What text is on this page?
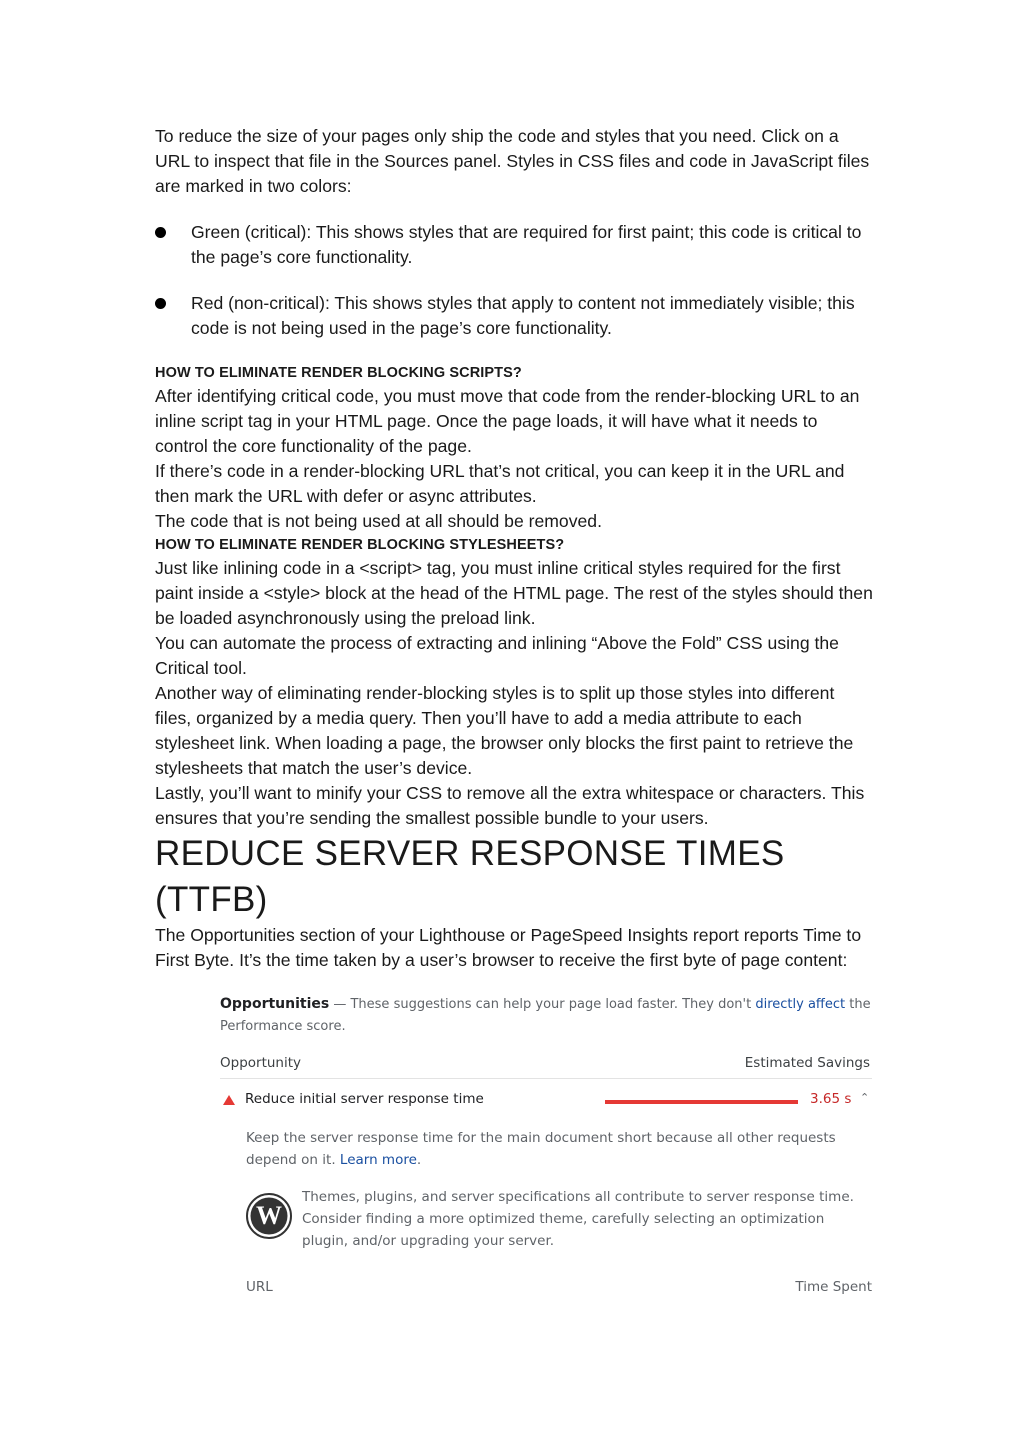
To reduce the size of your pages only ship the code and styles that you need. Click on a URL to inspect that file in the Sources panel. Styles in CSS files and code in JavaScript files are marked in two colors:

Green (critical): This shows styles that are required for first paint; this code is critical to the page’s core functionality.
Red (non-critical): This shows styles that apply to content not immediately visible; this code is not being used in the page’s core functionality.
HOW TO ELIMINATE RENDER BLOCKING SCRIPTS?

After identifying critical code, you must move that code from the render-blocking URL to an inline script tag in your HTML page. Once the page loads, it will have what it needs to control the core functionality of the page.

If there’s code in a render-blocking URL that’s not critical, you can keep it in the URL and then mark the URL with defer or async attributes.

The code that is not being used at all should be removed.

HOW TO ELIMINATE RENDER BLOCKING STYLESHEETS?

Just like inlining code in a <script> tag, you must inline critical styles required for the first paint inside a <style> block at the head of the HTML page. The rest of the styles should then be loaded asynchronously using the preload link.

You can automate the process of extracting and inlining “Above the Fold” CSS using the Critical tool.

Another way of eliminating render-blocking styles is to split up those styles into different files, organized by a media query. Then you’ll have to add a media attribute to each stylesheet link. When loading a page, the browser only blocks the first paint to retrieve the stylesheets that match the user’s device.

Lastly, you’ll want to minify your CSS to remove all the extra whitespace or characters. This ensures that you’re sending the smallest possible bundle to your users.

REDUCE SERVER RESPONSE TIMES (TTFB)

The Opportunities section of your Lighthouse or PageSpeed Insights report reports Time to First Byte. It’s the time taken by a user’s browser to receive the first byte of page content:

Opportunities — These suggestions can help your page load faster. They don't directly affect the Performance score.
Opportunity	Estimated Savings
Reduce initial server response time	3.65 s ⌃
Keep the server response time for the main document short because all other requests depend on it. Learn more.
W
Themes, plugins, and server specifications all contribute to server response time. Consider finding a more optimized theme, carefully selecting an optimization plugin, and/or upgrading your server.
URL	Time Spent
